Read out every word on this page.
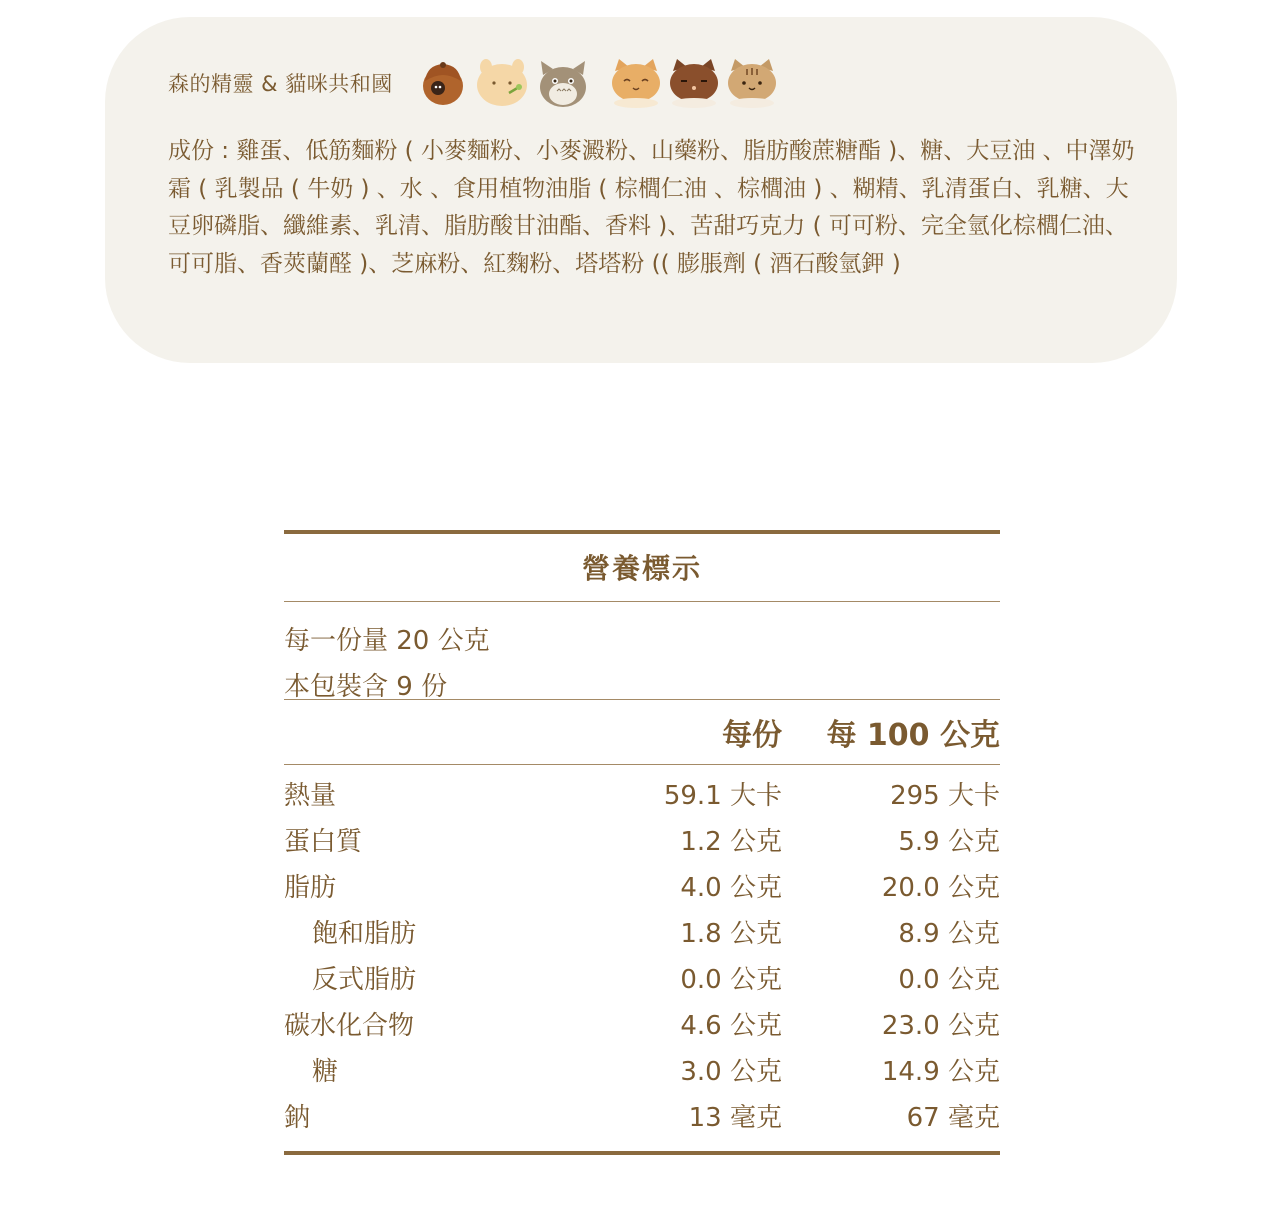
森的精靈 & 貓咪共和國

成份 : 雞蛋、低筋麵粉 ( 小麥麵粉、小麥澱粉、山藥粉、脂肪酸蔗糖酯 )、糖、大豆油 、中澤奶霜 ( 乳製品 ( 牛奶 ) 、水 、食用植物油脂 ( 棕櫚仁油 、棕櫚油 ) 、糊精、乳清蛋白、乳糖、大豆卵磷脂、纖維素、乳清、脂肪酸甘油酯、香料 )、苦甜巧克力 ( 可可粉、完全氫化棕櫚仁油、可可脂、香莢蘭醛 )、芝麻粉、紅麴粉、塔塔粉 (( 膨脹劑 ( 酒石酸氫鉀 )

營養標示
每一份量 20 公克
本包裝含 9 份
每份 每 100 公克
熱量	59.1 大卡	295 大卡
蛋白質	1.2 公克	5.9 公克
脂肪	4.0 公克	20.0 公克
飽和脂肪	1.8 公克	8.9 公克
反式脂肪	0.0 公克	0.0 公克
碳水化合物	4.6 公克	23.0 公克
糖	3.0 公克	14.9 公克
鈉	13 毫克	67 毫克
